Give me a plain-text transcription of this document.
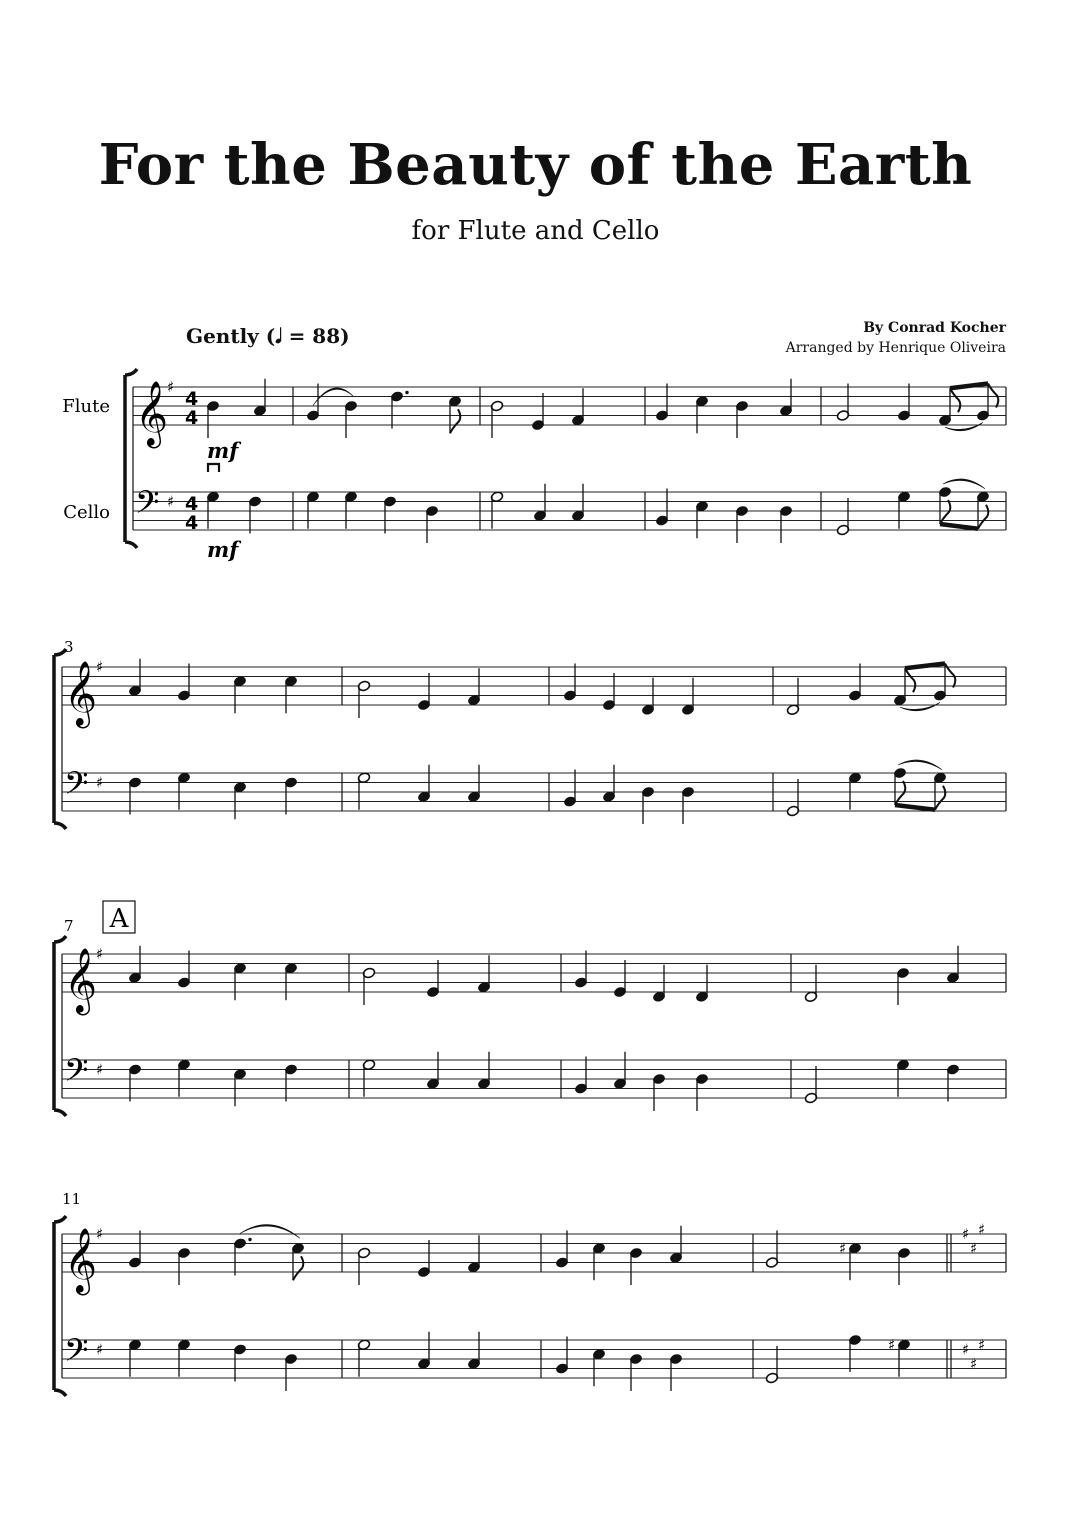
For the Beauty of the Earth
for Flute and Cello
Gently (𝅘𝅥 = 88)	By Conrad Kocher
Arranged by Henrique Oliveira
𝄞
𝄢
♯
♯
4
4
4
4
𝄞
𝄢
♯
♯
𝄞
𝄢
♯
♯
𝄞
𝄢
♯
♯
♯
♯
♯
♯
♯
♯
♯
♯
Flute
Cello
mf
mf
3
7
11
A
